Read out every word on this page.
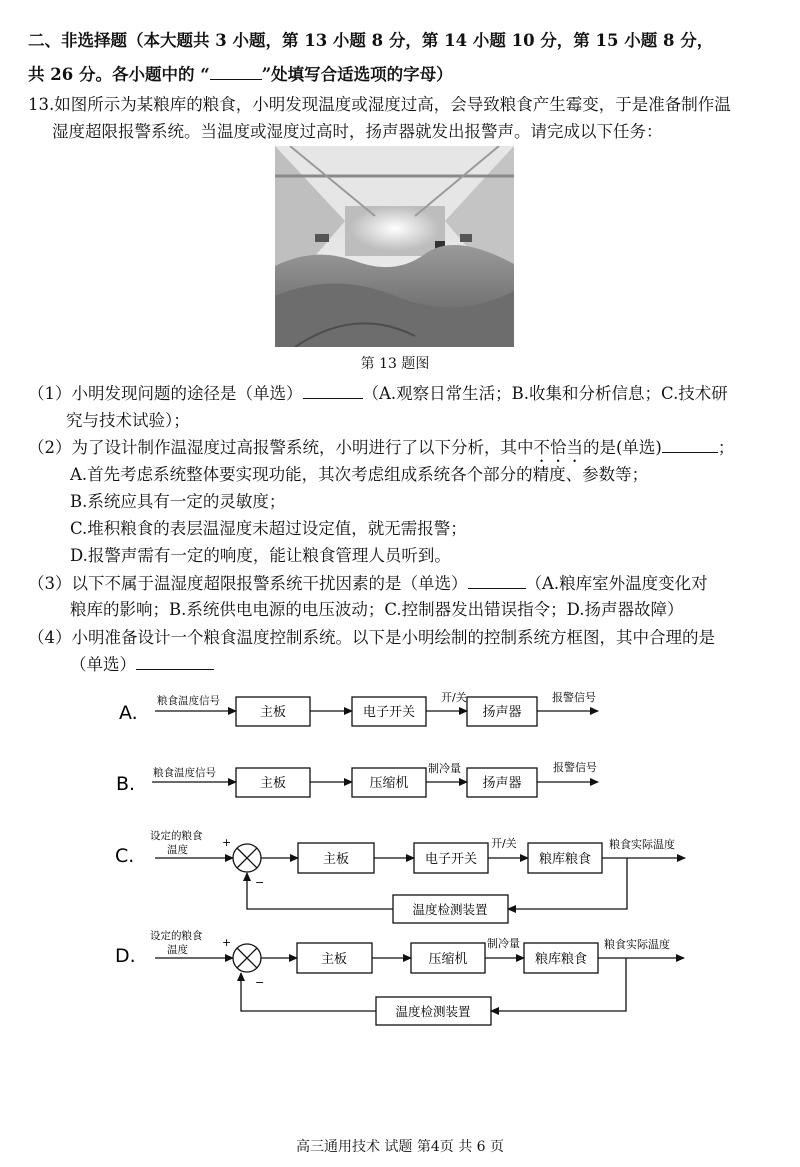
二、非选择题（本大题共 3 小题，第 13 小题 8 分，第 14 小题 10 分，第 15 小题 8 分，
共 26 分。各小题中的 “	”处填写合适选项的字母）
13.如图所示为某粮库的粮食，小明发现温度或湿度过高，会导致粮食产生霉变，于是准备制作温
湿度超限报警系统。当温度或湿度过高时，扬声器就发出报警声。请完成以下任务：
第 13 题图
（1）小明发现问题的途径是（单选）	（A.观察日常生活；B.收集和分析信息；C.技术研
究与技术试验）；
（2）为了设计制作温湿度过高报警系统，小明进行了以下分析，其中不恰当的是(单选)	；
A.首先考虑系统整体要实现功能，其次考虑组成系统各个部分的精度、参数等；
B.系统应具有一定的灵敏度；
C.堆积粮食的表层温湿度未超过设定值，就无需报警；
D.报警声需有一定的响度，能让粮食管理人员听到。
（3）以下不属于温湿度超限报警系统干扰因素的是（单选）	（A.粮库室外温度变化对
粮库的影响；B.系统供电电源的电压波动；C.控制器发出错误指令；D.扬声器故障）
（4）小明准备设计一个粮食温度控制系统。以下是小明绘制的控制系统方框图，其中合理的是
（单选）
A.
粮食温度信号
主板	电子开关
开/关
扬声器
报警信号
B. 粮食温度信号
主板	压缩机
制冷量
扬声器
报警信号
C.
设定的粮食
温度
+
−
主板	电子开关
开/关
粮库粮食
粮食实际温度
温度检测装置
D.
设定的粮食
温度
+
−
主板	压缩机
制冷量
粮库粮食
粮食实际温度
温度检测装置
高三通用技术 试题 第4页 共 6 页
